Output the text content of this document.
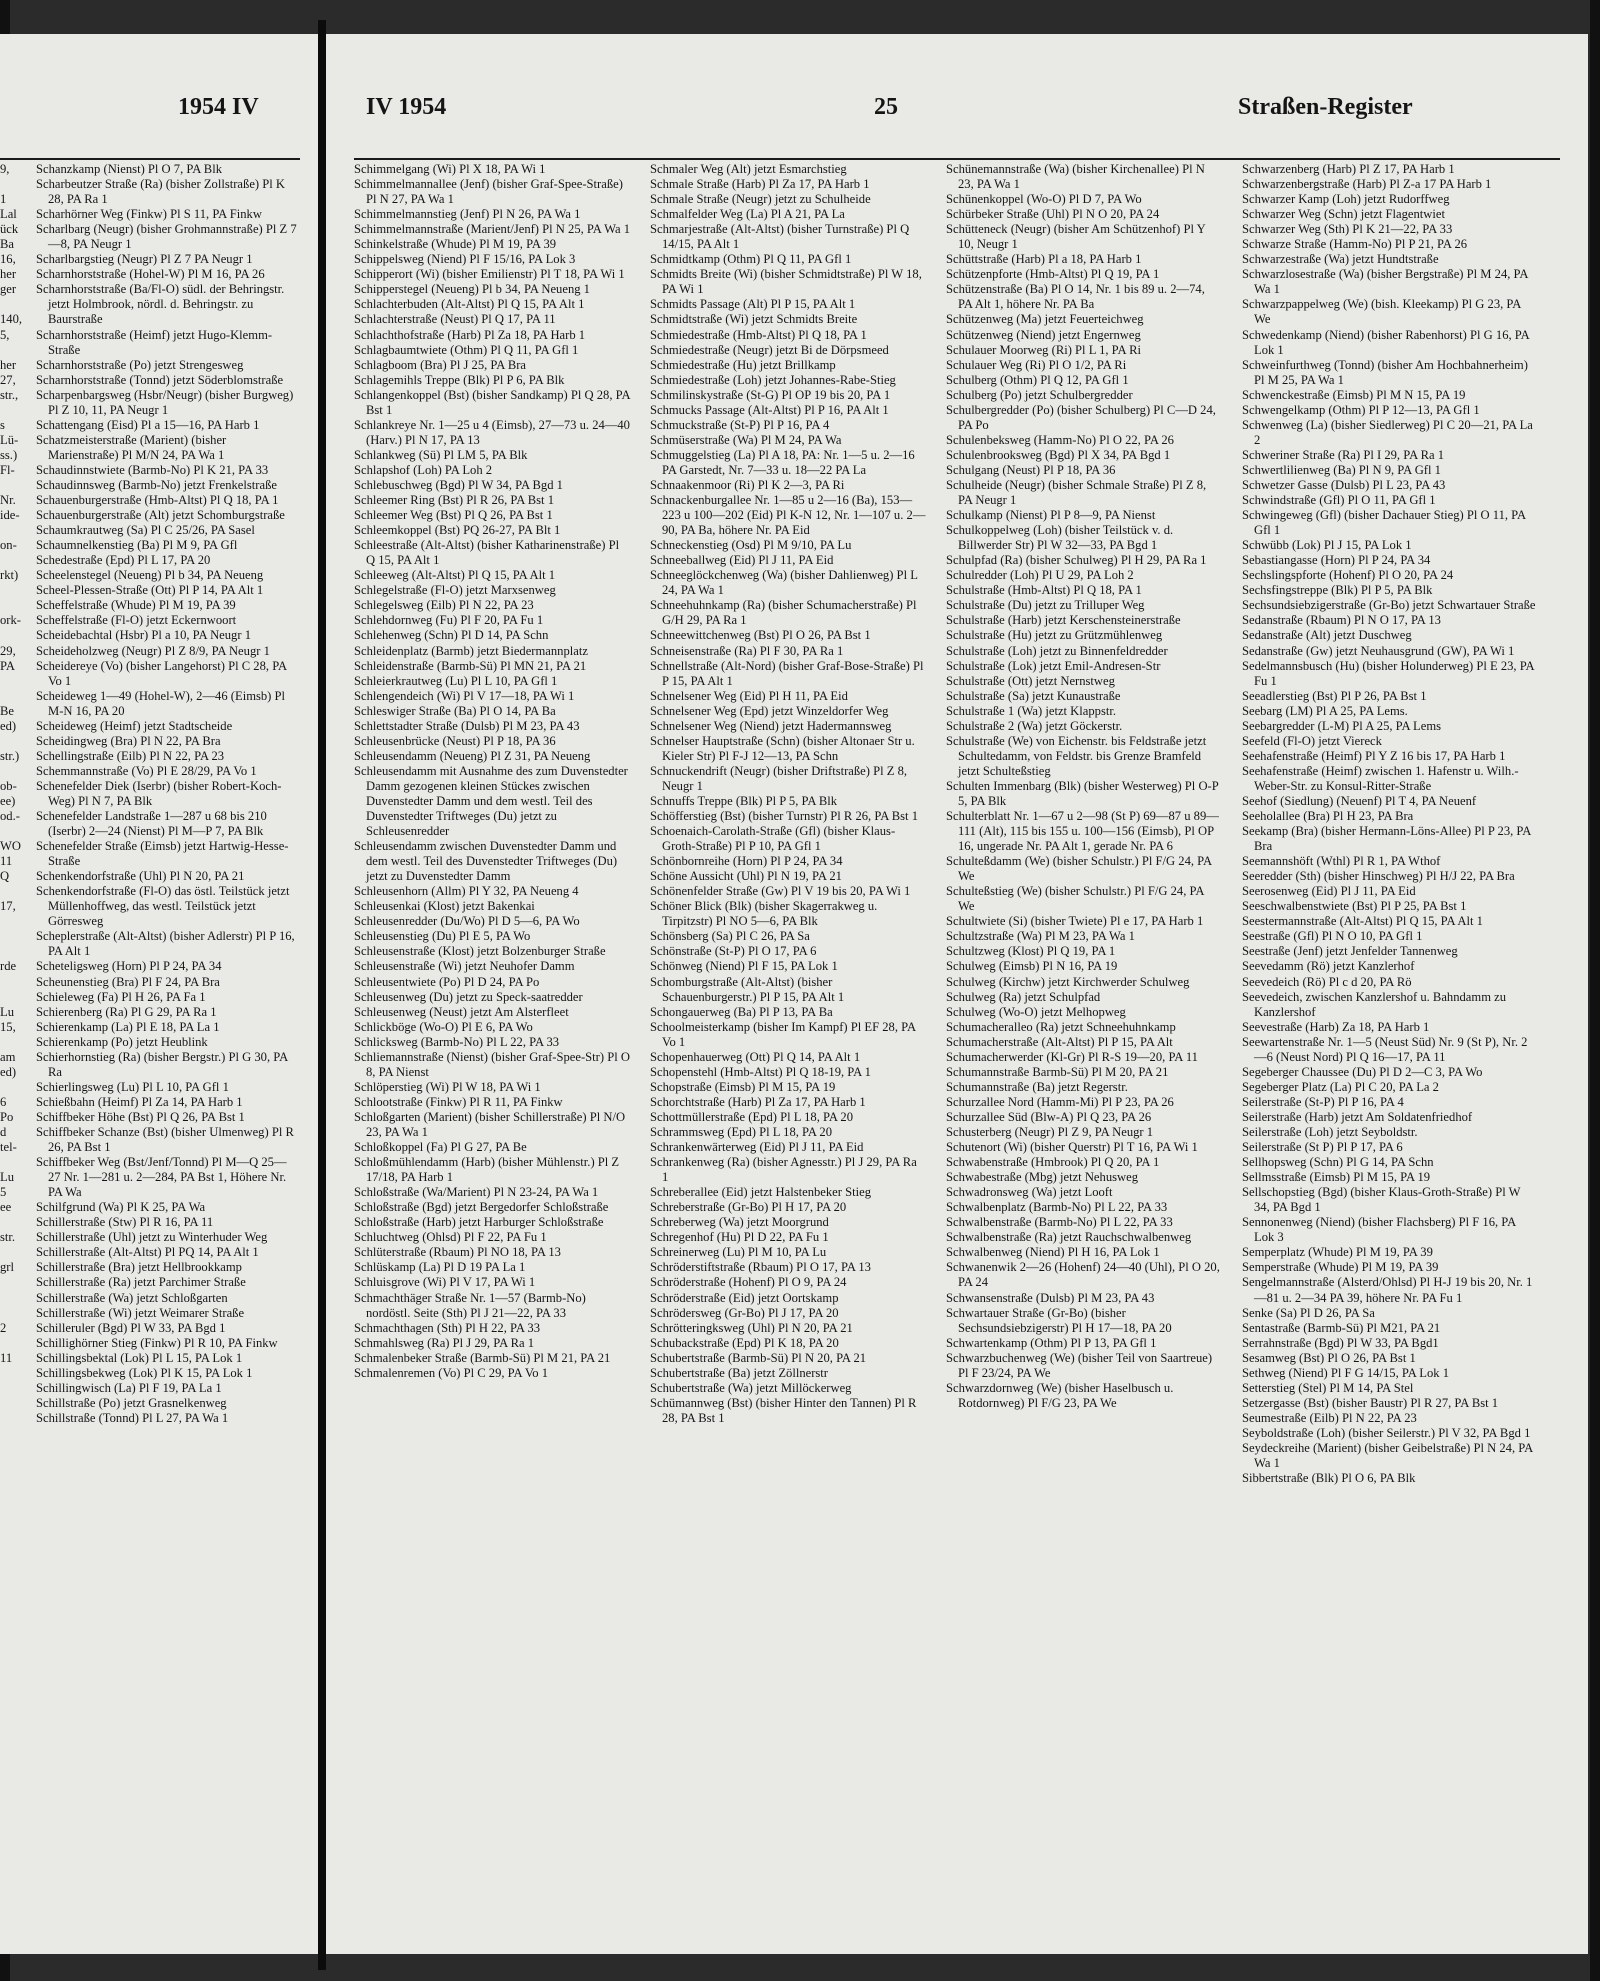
1954 IV

9,

1

Lal

ück

Ba

16,

her

ger

140,

5,

her

27,

str.,

s

Lü-

ss.)

Fl-

Nr.

ide-

on-

rkt)

ork-

29,

PA

Be

ed)

str.)

ob-

ee)

od.-

WO

11

Q

17,

rde

Lu

15,

am

ed)

6

Po

d

tel-

Lu

5

ee

str.

grl

2

11

Schanzkamp (Nienst) Pl O 7, PA Blk

Scharbeutzer Straße (Ra) (bisher Zollstraße) Pl K 28, PA Ra 1

Scharhörner Weg (Finkw) Pl S 11, PA Finkw

Scharlbarg (Neugr) (bisher Grohmannstraße) Pl Z 7—8, PA Neugr 1

Scharlbargstieg (Neugr) Pl Z 7 PA Neugr 1

Scharnhorststraße (Hohel-W) Pl M 16, PA 26

Scharnhorststraße (Ba/Fl-O) südl. der Behringstr. jetzt Holmbrook, nördl. d. Behringstr. zu Baurstraße

Scharnhorststraße (Heimf) jetzt Hugo-Klemm-Straße

Scharnhorststraße (Po) jetzt Strengesweg

Scharnhorststraße (Tonnd) jetzt Söderblomstraße

Scharpenbargsweg (Hsbr/Neugr) (bisher Burgweg) Pl Z 10, 11, PA Neugr 1

Schattengang (Eisd) Pl a 15—16, PA Harb 1

Schatzmeisterstraße (Marient) (bisher Marienstraße) Pl M/N 24, PA Wa 1

Schaudinnstwiete (Barmb-No) Pl K 21, PA 33

Schaudinnsweg (Barmb-No) jetzt Frenkelstraße

Schauenburgerstraße (Hmb-Altst) Pl Q 18, PA 1

Schauenburgerstraße (Alt) jetzt Schomburgstraße

Schaumkrautweg (Sa) Pl C 25/26, PA Sasel

Schaumnelkenstieg (Ba) Pl M 9, PA Gfl

Schedestraße (Epd) Pl L 17, PA 20

Scheelenstegel (Neueng) Pl b 34, PA Neueng

Scheel-Plessen-Straße (Ott) Pl P 14, PA Alt 1

Scheffelstraße (Whude) Pl M 19, PA 39

Scheffelstraße (Fl-O) jetzt Eckernwoort

Scheidebachtal (Hsbr) Pl a 10, PA Neugr 1

Scheideholzweg (Neugr) Pl Z 8/9, PA Neugr 1

Scheidereye (Vo) (bisher Langehorst) Pl C 28, PA Vo 1

Scheideweg 1—49 (Hohel-W), 2—46 (Eimsb) Pl M-N 16, PA 20

Scheideweg (Heimf) jetzt Stadtscheide

Scheidingweg (Bra) Pl N 22, PA Bra

Schellingstraße (Eilb) Pl N 22, PA 23

Schemmannstraße (Vo) Pl E 28/29, PA Vo 1

Schenefelder Diek (Iserbr) (bisher Robert-Koch-Weg) Pl N 7, PA Blk

Schenefelder Landstraße 1—287 u 68 bis 210 (Iserbr) 2—24 (Nienst) Pl M—P 7, PA Blk

Schenefelder Straße (Eimsb) jetzt Hartwig-Hesse-Straße

Schenkendorfstraße (Uhl) Pl N 20, PA 21

Schenkendorfstraße (Fl-O) das östl. Teilstück jetzt Müllenhoffweg, das westl. Teilstück jetzt Görresweg

Scheplerstraße (Alt-Altst) (bisher Adlerstr) Pl P 16, PA Alt 1

Scheteligsweg (Horn) Pl P 24, PA 34

Scheunenstieg (Bra) Pl F 24, PA Bra

Schieleweg (Fa) Pl H 26, PA Fa 1

Schierenberg (Ra) Pl G 29, PA Ra 1

Schierenkamp (La) Pl E 18, PA La 1

Schierenkamp (Po) jetzt Heublink

Schierhornstieg (Ra) (bisher Bergstr.) Pl G 30, PA Ra

Schierlingsweg (Lu) Pl L 10, PA Gfl 1

Schießbahn (Heimf) Pl Za 14, PA Harb 1

Schiffbeker Höhe (Bst) Pl Q 26, PA Bst 1

Schiffbeker Schanze (Bst) (bisher Ulmenweg) Pl R 26, PA Bst 1

Schiffbeker Weg (Bst/Jenf/Tonnd) Pl M—Q 25—27 Nr. 1—281 u. 2—284, PA Bst 1, Höhere Nr. PA Wa

Schilfgrund (Wa) Pl K 25, PA Wa

Schillerstraße (Stw) Pl R 16, PA 11

Schillerstraße (Uhl) jetzt zu Winterhuder Weg

Schillerstraße (Alt-Altst) Pl PQ 14, PA Alt 1

Schillerstraße (Bra) jetzt Hellbrookkamp

Schillerstraße (Ra) jetzt Parchimer Straße

Schillerstraße (Wa) jetzt Schloßgarten

Schillerstraße (Wi) jetzt Weimarer Straße

Schilleruler (Bgd) Pl W 33, PA Bgd 1

Schillighörner Stieg (Finkw) Pl R 10, PA Finkw

Schillingsbektal (Lok) Pl L 15, PA Lok 1

Schillingsbekweg (Lok) Pl K 15, PA Lok 1

Schillingwisch (La) Pl F 19, PA La 1

Schillstraße (Po) jetzt Grasnelkenweg

Schillstraße (Tonnd) Pl L 27, PA Wa 1

IV 1954	25	Straßen-Register

Schimmelgang (Wi) Pl X 18, PA Wi 1

Schimmelmannallee (Jenf) (bisher Graf-Spee-Straße) Pl N 27, PA Wa 1

Schimmelmannstieg (Jenf) Pl N 26, PA Wa 1

Schimmelmannstraße (Marient/Jenf) Pl N 25, PA Wa 1

Schinkelstraße (Whude) Pl M 19, PA 39

Schippelsweg (Niend) Pl F 15/16, PA Lok 3

Schipperort (Wi) (bisher Emilienstr) Pl T 18, PA Wi 1

Schipperstegel (Neueng) Pl b 34, PA Neueng 1

Schlachterbuden (Alt-Altst) Pl Q 15, PA Alt 1

Schlachterstraße (Neust) Pl Q 17, PA 11

Schlachthofstraße (Harb) Pl Za 18, PA Harb 1

Schlagbaumtwiete (Othm) Pl Q 11, PA Gfl 1

Schlagboom (Bra) Pl J 25, PA Bra

Schlagemihls Treppe (Blk) Pl P 6, PA Blk

Schlangenkoppel (Bst) (bisher Sandkamp) Pl Q 28, PA Bst 1

Schlankreye Nr. 1—25 u 4 (Eimsb), 27—73 u. 24—40 (Harv.) Pl N 17, PA 13

Schlankweg (Sü) Pl LM 5, PA Blk

Schlapshof (Loh) PA Loh 2

Schlebuschweg (Bgd) Pl W 34, PA Bgd 1

Schleemer Ring (Bst) Pl R 26, PA Bst 1

Schleemer Weg (Bst) Pl Q 26, PA Bst 1

Schleemkoppel (Bst) PQ 26-27, PA Blt 1

Schleestraße (Alt-Altst) (bisher Katharinenstraße) Pl Q 15, PA Alt 1

Schleeweg (Alt-Altst) Pl Q 15, PA Alt 1

Schlegelstraße (Fl-O) jetzt Marxsenweg

Schlegelsweg (Eilb) Pl N 22, PA 23

Schlehdornweg (Fu) Pl F 20, PA Fu 1

Schlehenweg (Schn) Pl D 14, PA Schn

Schleidenplatz (Barmb) jetzt Biedermannplatz

Schleidenstraße (Barmb-Sü) Pl MN 21, PA 21

Schleierkrautweg (Lu) Pl L 10, PA Gfl 1

Schlengendeich (Wi) Pl V 17—18, PA Wi 1

Schleswiger Straße (Ba) Pl O 14, PA Ba

Schlettstadter Straße (Dulsb) Pl M 23, PA 43

Schleusenbrücke (Neust) Pl P 18, PA 36

Schleusendamm (Neueng) Pl Z 31, PA Neueng

Schleusendamm mit Ausnahme des zum Duvenstedter Damm gezogenen kleinen Stückes zwischen Duvenstedter Damm und dem westl. Teil des Duvenstedter Triftweges (Du) jetzt zu Schleusenredder

Schleusendamm zwischen Duvenstedter Damm und dem westl. Teil des Duvenstedter Triftweges (Du) jetzt zu Duvenstedter Damm

Schleusenhorn (Allm) Pl Y 32, PA Neueng 4

Schleusenkai (Klost) jetzt Bakenkai

Schleusenredder (Du/Wo) Pl D 5—6, PA Wo

Schleusenstieg (Du) Pl E 5, PA Wo

Schleusenstraße (Klost) jetzt Bolzenburger Straße

Schleusenstraße (Wi) jetzt Neuhofer Damm

Schleusentwiete (Po) Pl D 24, PA Po

Schleusenweg (Du) jetzt zu Speck-saatredder

Schleusenweg (Neust) jetzt Am Alsterfleet

Schlickböge (Wo-O) Pl E 6, PA Wo

Schlicksweg (Barmb-No) Pl L 22, PA 33

Schliemannstraße (Nienst) (bisher Graf-Spee-Str) Pl O 8, PA Nienst

Schlöperstieg (Wi) Pl W 18, PA Wi 1

Schlootstraße (Finkw) Pl R 11, PA Finkw

Schloßgarten (Marient) (bisher Schillerstraße) Pl N/O 23, PA Wa 1

Schloßkoppel (Fa) Pl G 27, PA Be

Schloßmühlendamm (Harb) (bisher Mühlenstr.) Pl Z 17/18, PA Harb 1

Schloßstraße (Wa/Marient) Pl N 23-24, PA Wa 1

Schloßstraße (Bgd) jetzt Bergedorfer Schloßstraße

Schloßstraße (Harb) jetzt Harburger Schloßstraße

Schluchtweg (Ohlsd) Pl F 22, PA Fu 1

Schlüterstraße (Rbaum) Pl NO 18, PA 13

Schlüskamp (La) Pl D 19 PA La 1

Schluisgrove (Wi) Pl V 17, PA Wi 1

Schmachthäger Straße Nr. 1—57 (Barmb-No) nordöstl. Seite (Sth) Pl J 21—22, PA 33

Schmachthagen (Sth) Pl H 22, PA 33

Schmahlsweg (Ra) Pl J 29, PA Ra 1

Schmalenbeker Straße (Barmb-Sü) Pl M 21, PA 21

Schmalenremen (Vo) Pl C 29, PA Vo 1

Schmaler Weg (Alt) jetzt Esmarchstieg

Schmale Straße (Harb) Pl Za 17, PA Harb 1

Schmale Straße (Neugr) jetzt zu Schulheide

Schmalfelder Weg (La) Pl A 21, PA La

Schmarjestraße (Alt-Altst) (bisher Turnstraße) Pl Q 14/15, PA Alt 1

Schmidtkamp (Othm) Pl Q 11, PA Gfl 1

Schmidts Breite (Wi) (bisher Schmidtstraße) Pl W 18, PA Wi 1

Schmidts Passage (Alt) Pl P 15, PA Alt 1

Schmidtstraße (Wi) jetzt Schmidts Breite

Schmiedestraße (Hmb-Altst) Pl Q 18, PA 1

Schmiedestraße (Neugr) jetzt Bi de Dörpsmeed

Schmiedestraße (Hu) jetzt Brillkamp

Schmiedestraße (Loh) jetzt Johannes-Rabe-Stieg

Schmilinskystraße (St-G) Pl OP 19 bis 20, PA 1

Schmucks Passage (Alt-Altst) Pl P 16, PA Alt 1

Schmuckstraße (St-P) Pl P 16, PA 4

Schmüserstraße (Wa) Pl M 24, PA Wa

Schmuggelstieg (La) Pl A 18, PA: Nr. 1—5 u. 2—16 PA Garstedt, Nr. 7—33 u. 18—22 PA La

Schnaakenmoor (Ri) Pl K 2—3, PA Ri

Schnackenburgallee Nr. 1—85 u 2—16 (Ba), 153—223 u 100—202 (Eid) Pl K-N 12, Nr. 1—107 u. 2—90, PA Ba, höhere Nr. PA Eid

Schneckenstieg (Osd) Pl M 9/10, PA Lu

Schneeballweg (Eid) Pl J 11, PA Eid

Schneeglöckchenweg (Wa) (bisher Dahlienweg) Pl L 24, PA Wa 1

Schneehuhnkamp (Ra) (bisher Schumacherstraße) Pl G/H 29, PA Ra 1

Schneewittchenweg (Bst) Pl O 26, PA Bst 1

Schneisenstraße (Ra) Pl F 30, PA Ra 1

Schnellstraße (Alt-Nord) (bisher Graf-Bose-Straße) Pl P 15, PA Alt 1

Schnelsener Weg (Eid) Pl H 11, PA Eid

Schnelsener Weg (Epd) jetzt Winzeldorfer Weg

Schnelsener Weg (Niend) jetzt Hadermannsweg

Schnelser Hauptstraße (Schn) (bisher Altonaer Str u. Kieler Str) Pl F-J 12—13, PA Schn

Schnuckendrift (Neugr) (bisher Driftstraße) Pl Z 8, Neugr 1

Schnuffs Treppe (Blk) Pl P 5, PA Blk

Schöfferstieg (Bst) (bisher Turnstr) Pl R 26, PA Bst 1

Schoenaich-Carolath-Straße (Gfl) (bisher Klaus-Groth-Straße) Pl P 10, PA Gfl 1

Schönbornreihe (Horn) Pl P 24, PA 34

Schöne Aussicht (Uhl) Pl N 19, PA 21

Schönenfelder Straße (Gw) Pl V 19 bis 20, PA Wi 1

Schöner Blick (Blk) (bisher Skagerrakweg u. Tirpitzstr) Pl NO 5—6, PA Blk

Schönsberg (Sa) Pl C 26, PA Sa

Schönstraße (St-P) Pl O 17, PA 6

Schönweg (Niend) Pl F 15, PA Lok 1

Schomburgstraße (Alt-Altst) (bisher Schauenburgerstr.) Pl P 15, PA Alt 1

Schongauerweg (Ba) Pl P 13, PA Ba

Schoolmeisterkamp (bisher Im Kampf) Pl EF 28, PA Vo 1

Schopenhauerweg (Ott) Pl Q 14, PA Alt 1

Schopenstehl (Hmb-Altst) Pl Q 18-19, PA 1

Schopstraße (Eimsb) Pl M 15, PA 19

Schorchtstraße (Harb) Pl Za 17, PA Harb 1

Schottmüllerstraße (Epd) Pl L 18, PA 20

Schrammsweg (Epd) Pl L 18, PA 20

Schrankenwärterweg (Eid) Pl J 11, PA Eid

Schrankenweg (Ra) (bisher Agnesstr.) Pl J 29, PA Ra 1

Schreberallee (Eid) jetzt Halstenbeker Stieg

Schreberstraße (Gr-Bo) Pl H 17, PA 20

Schreberweg (Wa) jetzt Moorgrund

Schregenhof (Hu) Pl D 22, PA Fu 1

Schreinerweg (Lu) Pl M 10, PA Lu

Schröderstiftstraße (Rbaum) Pl O 17, PA 13

Schröderstraße (Hohenf) Pl O 9, PA 24

Schröderstraße (Eid) jetzt Oortskamp

Schrödersweg (Gr-Bo) Pl J 17, PA 20

Schrötteringksweg (Uhl) Pl N 20, PA 21

Schubackstraße (Epd) Pl K 18, PA 20

Schubertstraße (Barmb-Sü) Pl N 20, PA 21

Schubertstraße (Ba) jetzt Zöllnerstr

Schubertstraße (Wa) jetzt Millöckerweg

Schümannweg (Bst) (bisher Hinter den Tannen) Pl R 28, PA Bst 1

Schünemannstraße (Wa) (bisher Kirchenallee) Pl N 23, PA Wa 1

Schünenkoppel (Wo-O) Pl D 7, PA Wo

Schürbeker Straße (Uhl) Pl N O 20, PA 24

Schütteneck (Neugr) (bisher Am Schützenhof) Pl Y 10, Neugr 1

Schüttstraße (Harb) Pl a 18, PA Harb 1

Schützenpforte (Hmb-Altst) Pl Q 19, PA 1

Schützenstraße (Ba) Pl O 14, Nr. 1 bis 89 u. 2—74, PA Alt 1, höhere Nr. PA Ba

Schützenweg (Ma) jetzt Feuerteichweg

Schützenweg (Niend) jetzt Engernweg

Schulauer Moorweg (Ri) Pl L 1, PA Ri

Schulauer Weg (Ri) Pl O 1/2, PA Ri

Schulberg (Othm) Pl Q 12, PA Gfl 1

Schulberg (Po) jetzt Schulbergredder

Schulbergredder (Po) (bisher Schulberg) Pl C—D 24, PA Po

Schulenbeksweg (Hamm-No) Pl O 22, PA 26

Schulenbrooksweg (Bgd) Pl X 34, PA Bgd 1

Schulgang (Neust) Pl P 18, PA 36

Schulheide (Neugr) (bisher Schmale Straße) Pl Z 8, PA Neugr 1

Schulkamp (Nienst) Pl P 8—9, PA Nienst

Schulkoppelweg (Loh) (bisher Teilstück v. d. Billwerder Str) Pl W 32—33, PA Bgd 1

Schulpfad (Ra) (bisher Schulweg) Pl H 29, PA Ra 1

Schulredder (Loh) Pl U 29, PA Loh 2

Schulstraße (Hmb-Altst) Pl Q 18, PA 1

Schulstraße (Du) jetzt zu Trilluper Weg

Schulstraße (Harb) jetzt Kerschensteinerstraße

Schulstraße (Hu) jetzt zu Grützmühlenweg

Schulstraße (Loh) jetzt zu Binnenfeldredder

Schulstraße (Lok) jetzt Emil-Andresen-Str

Schulstraße (Ott) jetzt Nernstweg

Schulstraße (Sa) jetzt Kunaustraße

Schulstraße 1 (Wa) jetzt Klappstr.

Schulstraße 2 (Wa) jetzt Göckerstr.

Schulstraße (We) von Eichenstr. bis Feldstraße jetzt Schultedamm, von Feldstr. bis Grenze Bramfeld jetzt Schulteßstieg

Schulten Immenbarg (Blk) (bisher Westerweg) Pl O-P 5, PA Blk

Schulterblatt Nr. 1—67 u 2—98 (St P) 69—87 u 89—111 (Alt), 115 bis 155 u. 100—156 (Eimsb), Pl OP 16, ungerade Nr. PA Alt 1, gerade Nr. PA 6

Schulteßdamm (We) (bisher Schulstr.) Pl F/G 24, PA We

Schulteßstieg (We) (bisher Schulstr.) Pl F/G 24, PA We

Schultwiete (Si) (bisher Twiete) Pl e 17, PA Harb 1

Schultzstraße (Wa) Pl M 23, PA Wa 1

Schultzweg (Klost) Pl Q 19, PA 1

Schulweg (Eimsb) Pl N 16, PA 19

Schulweg (Kirchw) jetzt Kirchwerder Schulweg

Schulweg (Ra) jetzt Schulpfad

Schulweg (Wo-O) jetzt Melhopweg

Schumacheralleo (Ra) jetzt Schneehuhnkamp

Schumacherstraße (Alt-Altst) Pl P 15, PA Alt

Schumacherwerder (Kl-Gr) Pl R-S 19—20, PA 11

Schumannstraße Barmb-Sü) Pl M 20, PA 21

Schumannstraße (Ba) jetzt Regerstr.

Schurzallee Nord (Hamm-Mi) Pl P 23, PA 26

Schurzallee Süd (Blw-A) Pl Q 23, PA 26

Schusterberg (Neugr) Pl Z 9, PA Neugr 1

Schutenort (Wi) (bisher Querstr) Pl T 16, PA Wi 1

Schwabenstraße (Hmbrook) Pl Q 20, PA 1

Schwabestraße (Mbg) jetzt Nehusweg

Schwadronsweg (Wa) jetzt Looft

Schwalbenplatz (Barmb-No) Pl L 22, PA 33

Schwalbenstraße (Barmb-No) Pl L 22, PA 33

Schwalbenstraße (Ra) jetzt Rauchschwalbenweg

Schwalbenweg (Niend) Pl H 16, PA Lok 1

Schwanenwik 2—26 (Hohenf) 24—40 (Uhl), Pl O 20, PA 24

Schwansenstraße (Dulsb) Pl M 23, PA 43

Schwartauer Straße (Gr-Bo) (bisher Sechsundsiebzigerstr) Pl H 17—18, PA 20

Schwartenkamp (Othm) Pl P 13, PA Gfl 1

Schwarzbuchenweg (We) (bisher Teil von Saartreue) Pl F 23/24, PA We

Schwarzdornweg (We) (bisher Haselbusch u. Rotdornweg) Pl F/G 23, PA We

Schwarzenberg (Harb) Pl Z 17, PA Harb 1

Schwarzenbergstraße (Harb) Pl Z-a 17 PA Harb 1

Schwarzer Kamp (Loh) jetzt Rudorffweg

Schwarzer Weg (Schn) jetzt Flagentwiet

Schwarzer Weg (Sth) Pl K 21—22, PA 33

Schwarze Straße (Hamm-No) Pl P 21, PA 26

Schwarzestraße (Wa) jetzt Hundtstraße

Schwarzlosestraße (Wa) (bisher Bergstraße) Pl M 24, PA Wa 1

Schwarzpappelweg (We) (bish. Kleekamp) Pl G 23, PA We

Schwedenkamp (Niend) (bisher Rabenhorst) Pl G 16, PA Lok 1

Schweinfurthweg (Tonnd) (bisher Am Hochbahnerheim) Pl M 25, PA Wa 1

Schwenckestraße (Eimsb) Pl M N 15, PA 19

Schwengelkamp (Othm) Pl P 12—13, PA Gfl 1

Schwenweg (La) (bisher Siedlerweg) Pl C 20—21, PA La 2

Schweriner Straße (Ra) Pl I 29, PA Ra 1

Schwertlilienweg (Ba) Pl N 9, PA Gfl 1

Schwetzer Gasse (Dulsb) Pl L 23, PA 43

Schwindstraße (Gfl) Pl O 11, PA Gfl 1

Schwingeweg (Gfl) (bisher Dachauer Stieg) Pl O 11, PA Gfl 1

Schwübb (Lok) Pl J 15, PA Lok 1

Sebastiangasse (Horn) Pl P 24, PA 34

Sechslingspforte (Hohenf) Pl O 20, PA 24

Sechsfingstreppe (Blk) Pl P 5, PA Blk

Sechsundsiebzigerstraße (Gr-Bo) jetzt Schwartauer Straße

Sedanstraße (Rbaum) Pl N O 17, PA 13

Sedanstraße (Alt) jetzt Duschweg

Sedanstraße (Gw) jetzt Neuhausgrund (GW), PA Wi 1

Sedelmannsbusch (Hu) (bisher Holunderweg) Pl E 23, PA Fu 1

Seeadlerstieg (Bst) Pl P 26, PA Bst 1

Seebarg (LM) Pl A 25, PA Lems.

Seebargredder (L-M) Pl A 25, PA Lems

Seefeld (Fl-O) jetzt Viereck

Seehafenstraße (Heimf) Pl Y Z 16 bis 17, PA Harb 1

Seehafenstraße (Heimf) zwischen 1. Hafenstr u. Wilh.-Weber-Str. zu Konsul-Ritter-Straße

Seehof (Siedlung) (Neuenf) Pl T 4, PA Neuenf

Seeholallee (Bra) Pl H 23, PA Bra

Seekamp (Bra) (bisher Hermann-Löns-Allee) Pl P 23, PA Bra

Seemannshöft (Wthl) Pl R 1, PA Wthof

Seeredder (Sth) (bisher Hinschweg) Pl H/J 22, PA Bra

Seerosenweg (Eid) Pl J 11, PA Eid

Seeschwalbenstwiete (Bst) Pl P 25, PA Bst 1

Seestermannstraße (Alt-Altst) Pl Q 15, PA Alt 1

Seestraße (Gfl) Pl N O 10, PA Gfl 1

Seestraße (Jenf) jetzt Jenfelder Tannenweg

Seevedamm (Rö) jetzt Kanzlerhof

Seevedeich (Rö) Pl c d 20, PA Rö

Seevedeich, zwischen Kanzlershof u. Bahndamm zu Kanzlershof

Seevestraße (Harb) Za 18, PA Harb 1

Seewartenstraße Nr. 1—5 (Neust Süd) Nr. 9 (St P), Nr. 2—6 (Neust Nord) Pl Q 16—17, PA 11

Segeberger Chaussee (Du) Pl D 2—C 3, PA Wo

Segeberger Platz (La) Pl C 20, PA La 2

Seilerstraße (St-P) Pl P 16, PA 4

Seilerstraße (Harb) jetzt Am Soldatenfriedhof

Seilerstraße (Loh) jetzt Seyboldstr.

Seilerstraße (St P) Pl P 17, PA 6

Sellhopsweg (Schn) Pl G 14, PA Schn

Sellmsstraße (Eimsb) Pl M 15, PA 19

Sellschopstieg (Bgd) (bisher Klaus-Groth-Straße) Pl W 34, PA Bgd 1

Sennonenweg (Niend) (bisher Flachsberg) Pl F 16, PA Lok 3

Semperplatz (Whude) Pl M 19, PA 39

Semperstraße (Whude) Pl M 19, PA 39

Sengelmannstraße (Alsterd/Ohlsd) Pl H-J 19 bis 20, Nr. 1—81 u. 2—34 PA 39, höhere Nr. PA Fu 1

Senke (Sa) Pl D 26, PA Sa

Sentastraße (Barmb-Sü) Pl M21, PA 21

Serrahnstraße (Bgd) Pl W 33, PA Bgd1

Sesamweg (Bst) Pl O 26, PA Bst 1

Sethweg (Niend) Pl F G 14/15, PA Lok 1

Setterstieg (Stel) Pl M 14, PA Stel

Setzergasse (Bst) (bisher Baustr) Pl R 27, PA Bst 1

Seumestraße (Eilb) Pl N 22, PA 23

Seyboldstraße (Loh) (bisher Seilerstr.) Pl V 32, PA Bgd 1

Seydeckreihe (Marient) (bisher Geibelstraße) Pl N 24, PA Wa 1

Sibbertstraße (Blk) Pl O 6, PA Blk
